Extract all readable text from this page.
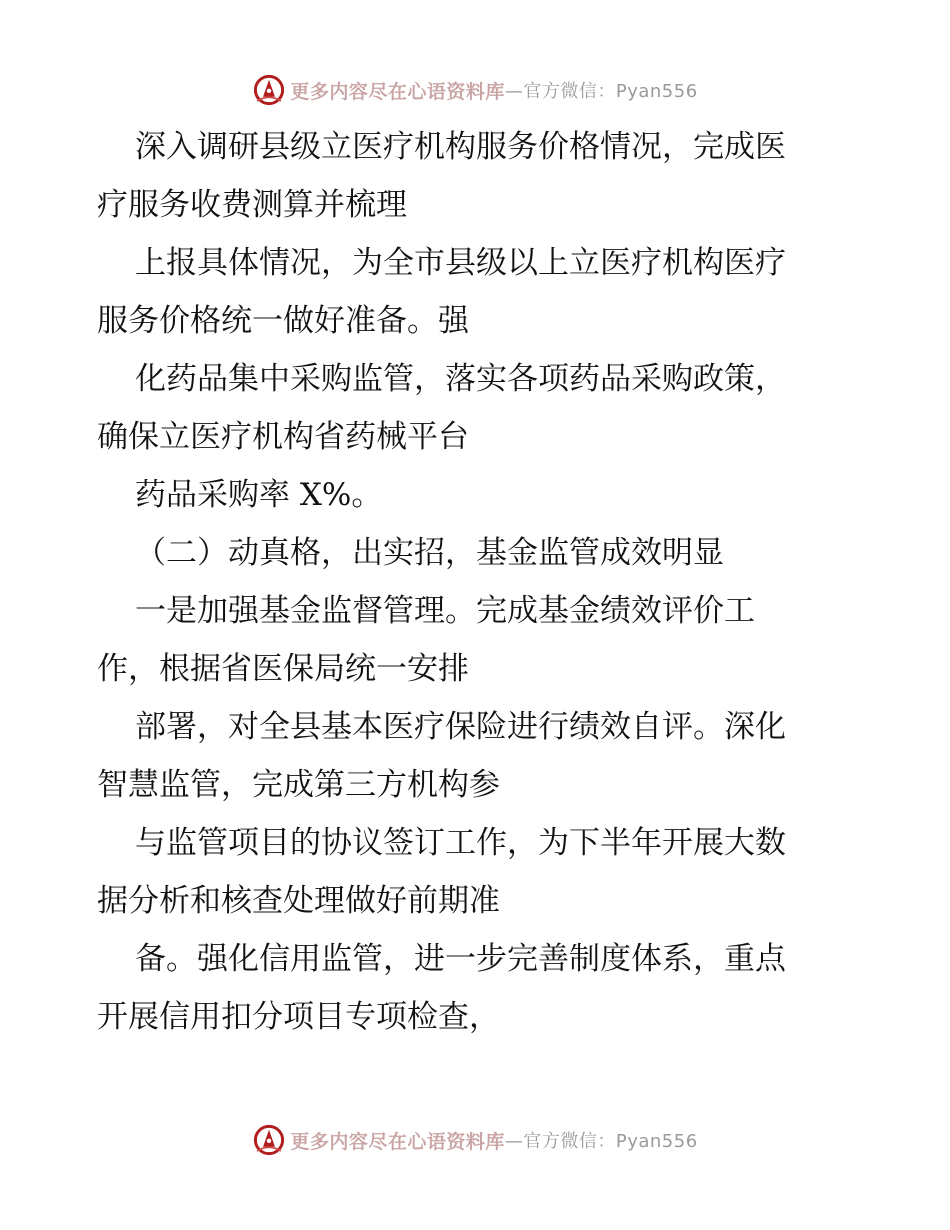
更多内容尽在心语资料库 —官方微信：Pyan556
深入调研县级立医疗机构服务价格情况，完成医
疗服务收费测算并梳理
上报具体情况，为全市县级以上立医疗机构医疗
服务价格统一做好准备。强
化药品集中采购监管，落实各项药品采购政策，
确保立医疗机构省药械平台
药品采购率 X%。
（二）动真格，出实招，基金监管成效明显
一是加强基金监督管理。完成基金绩效评价工
作，根据省医保局统一安排
部署，对全县基本医疗保险进行绩效自评。深化
智慧监管，完成第三方机构参
与监管项目的协议签订工作，为下半年开展大数
据分析和核查处理做好前期准
备。强化信用监管，进一步完善制度体系，重点
开展信用扣分项目专项检查，
更多内容尽在心语资料库 —官方微信：Pyan556
